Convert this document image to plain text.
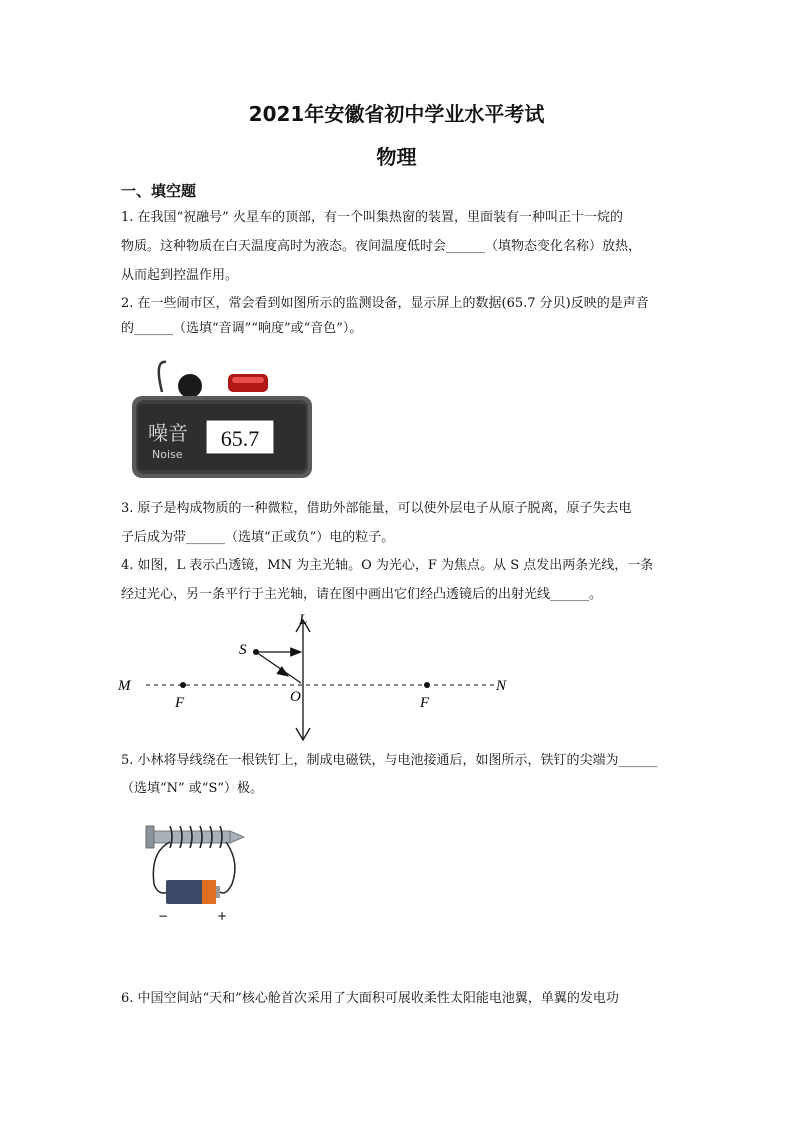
2021年安徽省初中学业水平考试
物理
一、填空题
1. 在我国“祝融号” 火星车的顶部，有一个叫集热窗的装置，里面装有一种叫正十一烷的
物质。这种物质在白天温度高时为液态。夜间温度低时会______（填物态变化名称）放热，
从而起到控温作用。
2. 在一些闹市区，常会看到如图所示的监测设备，显示屏上的数据(65.7 分贝)反映的是声音
的______（选填“音调”“响度”或“音色”）。
噪音
Noise
65.7
3. 原子是构成物质的一种微粒，借助外部能量，可以使外层电子从原子脱离，原子失去电
子后成为带______（选填“正或负”）电的粒子。
4. 如图，L 表示凸透镜，MN 为主光轴。O 为光心，F 为焦点。从 S 点发出两条光线，一条
经过光心，另一条平行于主光轴，请在图中画出它们经凸透镜后的出射光线______。
L
S
M	N
O
F	F
5. 小林将导线绕在一根铁钉上，制成电磁铁，与电池接通后，如图所示，铁钉的尖端为______
（选填“N” 或“S”）极。
−	+
6. 中国空间站“天和”核心舱首次采用了大面积可展收柔性太阳能电池翼，单翼的发电功
